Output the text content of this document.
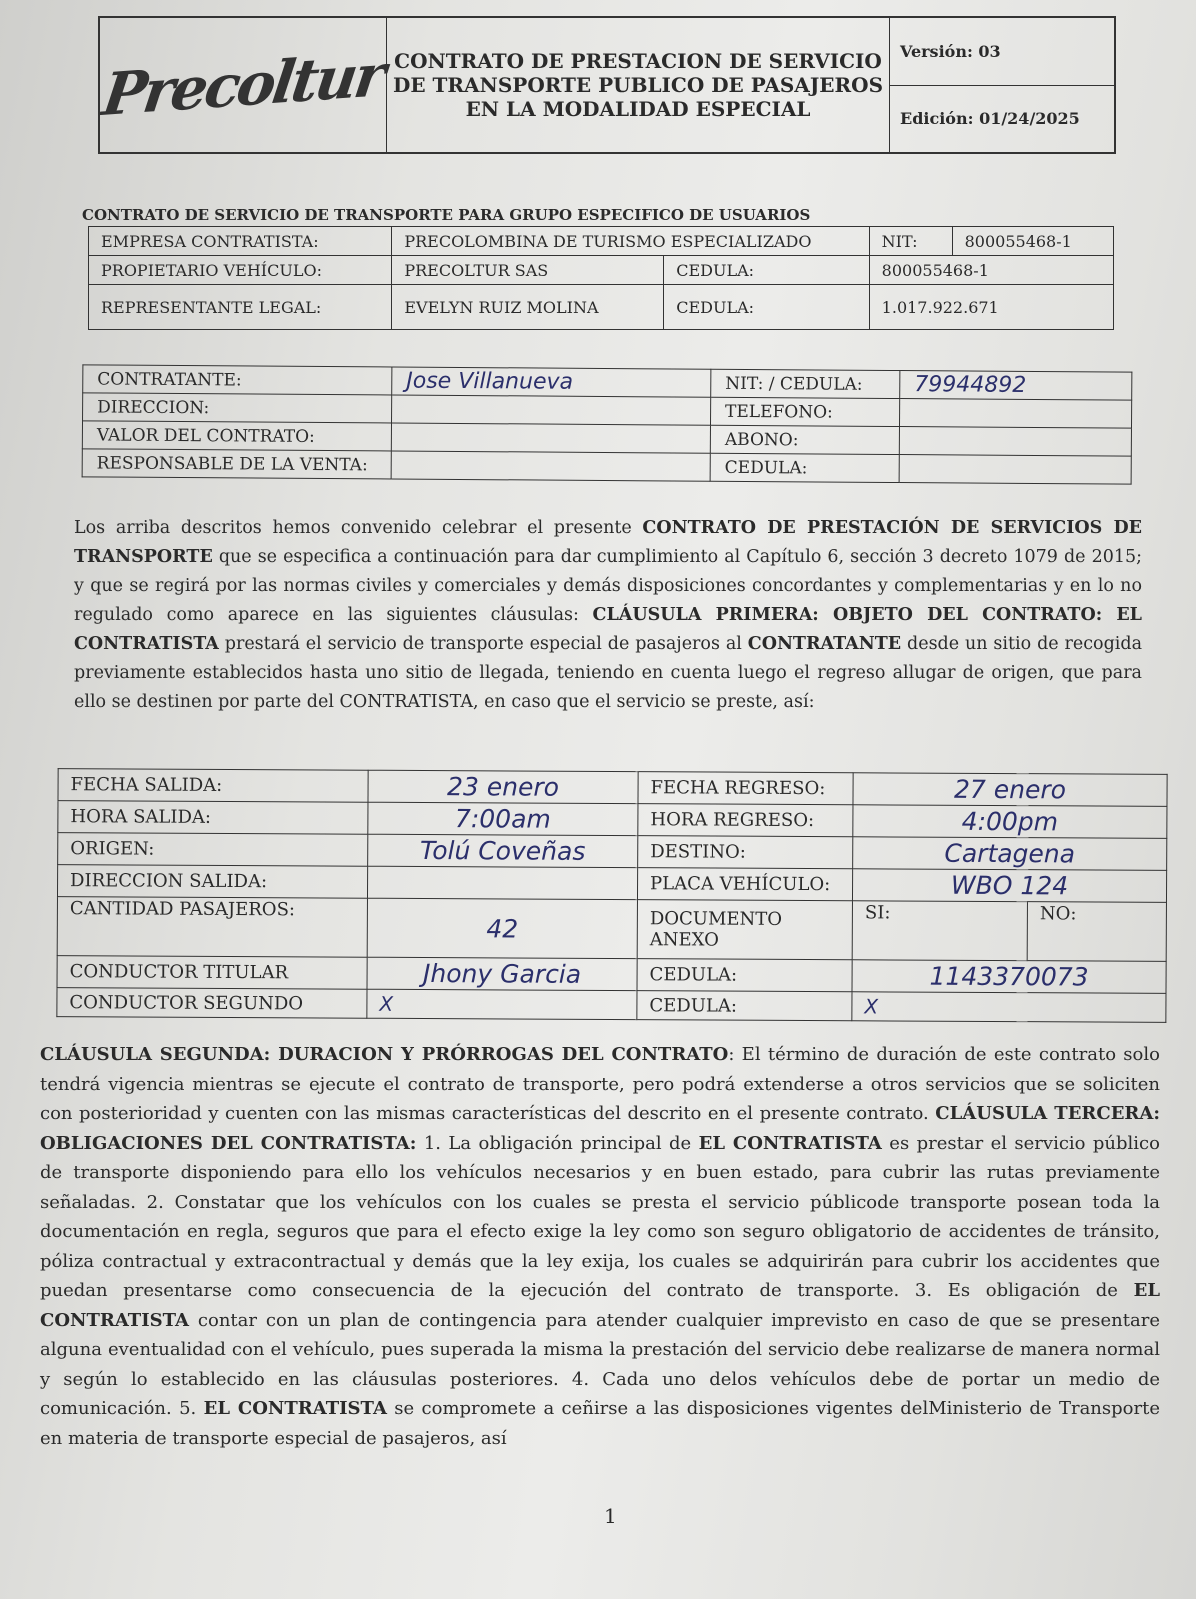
Precoltur	CONTRATO DE PRESTACION DE SERVICIO
DE TRANSPORTE PUBLICO DE PASAJEROS
EN LA MODALIDAD ESPECIAL
	Versión: 03
Edición: 01/24/2025
CONTRATO DE SERVICIO DE TRANSPORTE PARA GRUPO ESPECIFICO DE USUARIOS
EMPRESA CONTRATISTA:	PRECOLOMBINA DE TURISMO ESPECIALIZADO		NIT:	800055468-1
PROPIETARIO VEHÍCULO:	PRECOLTUR SAS	CEDULA:	800055468-1	
REPRESENTANTE LEGAL:	EVELYN RUIZ MOLINA	CEDULA:	1.017.922.671	
CONTRATANTE:	Jose Villanueva	NIT: / CEDULA:	79944892
DIRECCION:		TELEFONO:	
VALOR DEL CONTRATO:		ABONO:	
RESPONSABLE DE LA VENTA:		CEDULA:	
Los arriba descritos hemos convenido celebrar el presente CONTRATO DE PRESTACIÓN DE SERVICIOS DE TRANSPORTE que se especifica a continuación para dar cumplimiento al Capítulo 6, sección 3 decreto 1079 de 2015; y que se regirá por las normas civiles y comerciales y demás disposiciones concordantes y complementarias y en lo no regulado como aparece en las siguientes cláusulas: CLÁUSULA PRIMERA: OBJETO DEL CONTRATO: EL CONTRATISTA prestará el servicio de transporte especial de pasajeros al CONTRATANTE desde un sitio de recogida previamente establecidos hasta uno sitio de llegada, teniendo en cuenta luego el regreso allugar de origen, que para ello se destinen por parte del CONTRATISTA, en caso que el servicio se preste, así:
FECHA SALIDA:	23 enero	FECHA REGRESO:	27 enero	
HORA SALIDA:	7:00am	HORA REGRESO:	4:00pm	
ORIGEN:	Tolú Coveñas	DESTINO:	Cartagena	
DIRECCION SALIDA:		PLACA VEHÍCULO:	WBO 124	
CANTIDAD PASAJEROS:	42	DOCUMENTO ANEXO	SI:	NO:
CONDUCTOR TITULAR	Jhony Garcia	CEDULA:	1143370073	
CONDUCTOR SEGUNDO	X	CEDULA:	X	
CLÁUSULA SEGUNDA: DURACION Y PRÓRROGAS DEL CONTRATO: El término de duración de este contrato solo tendrá vigencia mientras se ejecute el contrato de transporte, pero podrá extenderse a otros servicios que se soliciten con posterioridad y cuenten con las mismas características del descrito en el presente contrato. CLÁUSULA TERCERA: OBLIGACIONES DEL CONTRATISTA: 1. La obligación principal de EL CONTRATISTA es prestar el servicio público de transporte disponiendo para ello los vehículos necesarios y en buen estado, para cubrir las rutas previamente señaladas. 2. Constatar que los vehículos con los cuales se presta el servicio públicode transporte posean toda la documentación en regla, seguros que para el efecto exige la ley como son seguro obligatorio de accidentes de tránsito, póliza contractual y extracontractual y demás que la ley exija, los cuales se adquirirán para cubrir los accidentes que puedan presentarse como consecuencia de la ejecución del contrato de transporte. 3. Es obligación de EL CONTRATISTA contar con un plan de contingencia para atender cualquier imprevisto en caso de que se presentare alguna eventualidad con el vehículo, pues superada la misma la prestación del servicio debe realizarse de manera normal y según lo establecido en las cláusulas posteriores. 4. Cada uno delos vehículos debe de portar un medio de comunicación. 5. EL CONTRATISTA se compromete a ceñirse a las disposiciones vigentes delMinisterio de Transporte en materia de transporte especial de pasajeros, así
1
